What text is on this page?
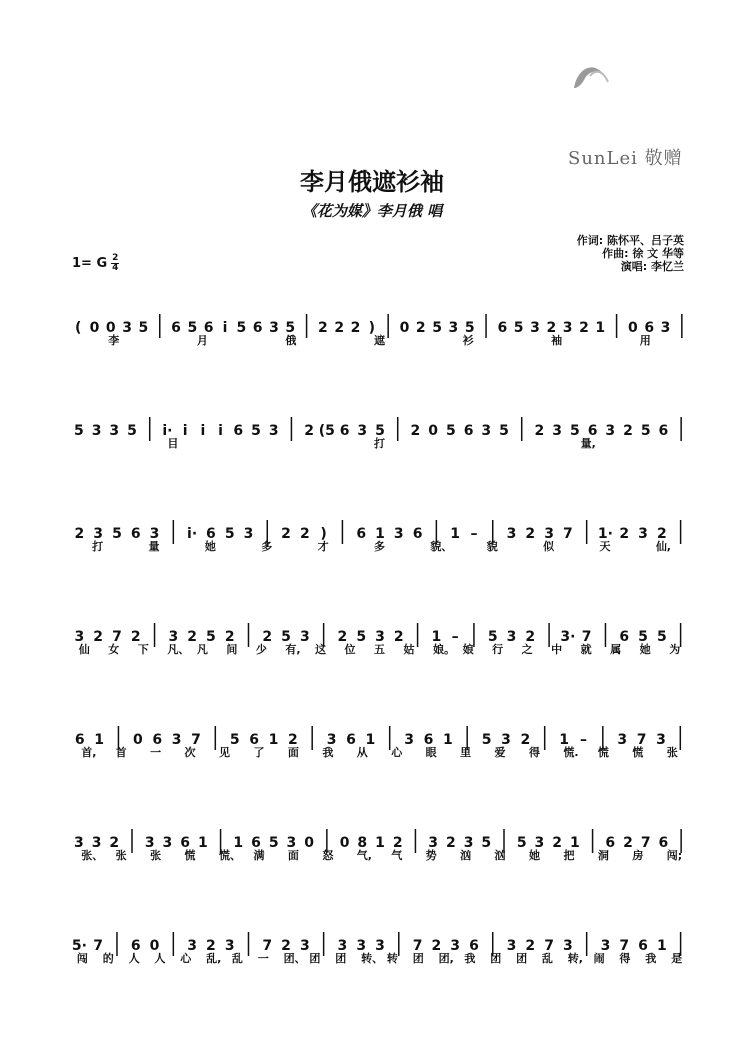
SunLei 敬赠
李月俄遮衫袖
《花为媒》李月俄 唱
作词: 陈怀平、吕子英
作曲: 徐 文 华等
演唱: 李忆兰
1= G $\frac{2}{4}$
( 0 0 3 5 6 5 6 i 5 6 3 5 2 2 2 ) 0 2 5 3 5 6 5 3 2 3 2 1 0 6 3
李	月	俄	遮	衫	袖	用
5 3 3 5 i· i i i 6 5 3 2 (5 6 3 5 2 0 5 6 3 5 2 3 5 6 3 2 5 6
目	打	量,
2 3 5 6 3 i· 6 5 3 2 2 ) 6 1 3 6 1 – 3 2 3 7 1· 2 3 2
打	量	她	多	才	多	貌、	貌	似	天	仙,
3 2 7 2 3 2 5 2 2 5 3 2 5 3 2 1 – 5 3 2 3· 7 6 5 5
仙 女 下 凡、 凡 间 少 有, 这 位 五 姑 娘。 娘 行 之 中 就 属 她 为
6 1 0 6 3 7 5 6 1 2 3 6 1 3 6 1 5 3 2 1 – 3 7 3
首, 首 一 次 见 了 面 我 从 心 眼 里 爱 得 慌. 慌 慌 张
3 3 2 3 3 6 1 1 6 5 3 0 0 8 1 2 3 2 3 5 5 3 2 1 6 2 7 6
张、 张 张 慌 慌、 满 面 怒 气, 气 势 汹 汹 她 把 洞 房 闯;
5· 7 6 0 3 2 3 7 2 3 3 3 3 7 2 3 6 3 2 7 3 3 7 6 1
闯 的 人 人 心 乱, 乱 一 团、 团 团 转、 转 团 团, 我 团 团 乱 转, 闹 得 我 是
